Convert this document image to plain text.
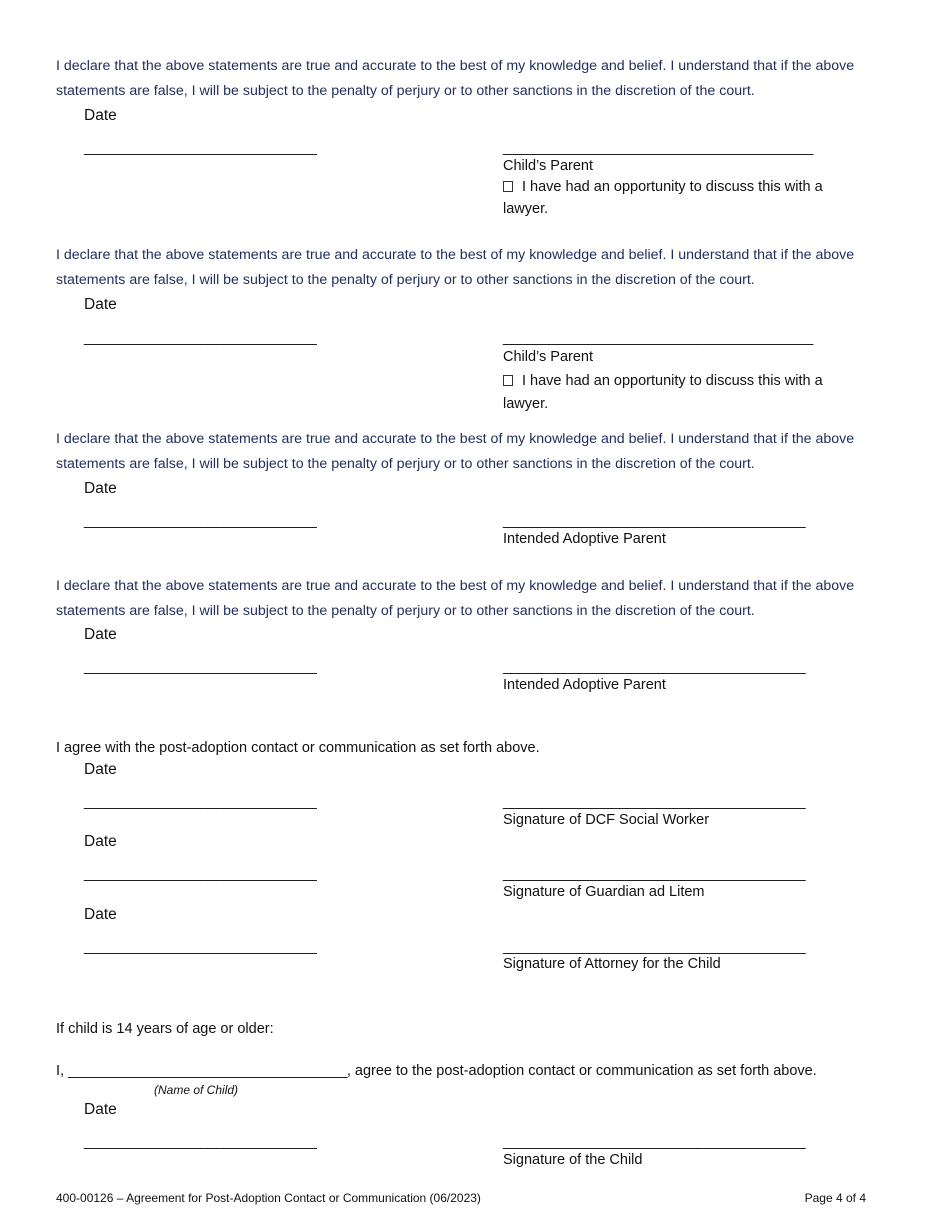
I declare that the above statements are true and accurate to the best of my knowledge and belief. I understand that if the above statements are false, I will be subject to the penalty of perjury or to other sanctions in the discretion of the court.
Date
______________________________	________________________________________
Child’s Parent
I have had an opportunity to discuss this with a
lawyer.
I declare that the above statements are true and accurate to the best of my knowledge and belief. I understand that if the above statements are false, I will be subject to the penalty of perjury or to other sanctions in the discretion of the court.
Date
______________________________	________________________________________
Child’s Parent
I have had an opportunity to discuss this with a
lawyer.
I declare that the above statements are true and accurate to the best of my knowledge and belief. I understand that if the above statements are false, I will be subject to the penalty of perjury or to other sanctions in the discretion of the court.
Date
______________________________	_______________________________________
Intended Adoptive Parent
I declare that the above statements are true and accurate to the best of my knowledge and belief. I understand that if the above statements are false, I will be subject to the penalty of perjury or to other sanctions in the discretion of the court.
Date
______________________________	_______________________________________
Intended Adoptive Parent
I agree with the post-adoption contact or communication as set forth above.
Date
______________________________	_______________________________________
Signature of DCF Social Worker
Date
______________________________	_______________________________________
Signature of Guardian ad Litem
Date
______________________________	_______________________________________
Signature of Attorney for the Child
If child is 14 years of age or older:
I, ____________________________________, agree to the post-adoption contact or communication as set forth above.
(Name of Child)
Date
______________________________	_______________________________________
Signature of the Child
400-00126 – Agreement for Post-Adoption Contact or Communication (06/2023)	Page 4 of 4
